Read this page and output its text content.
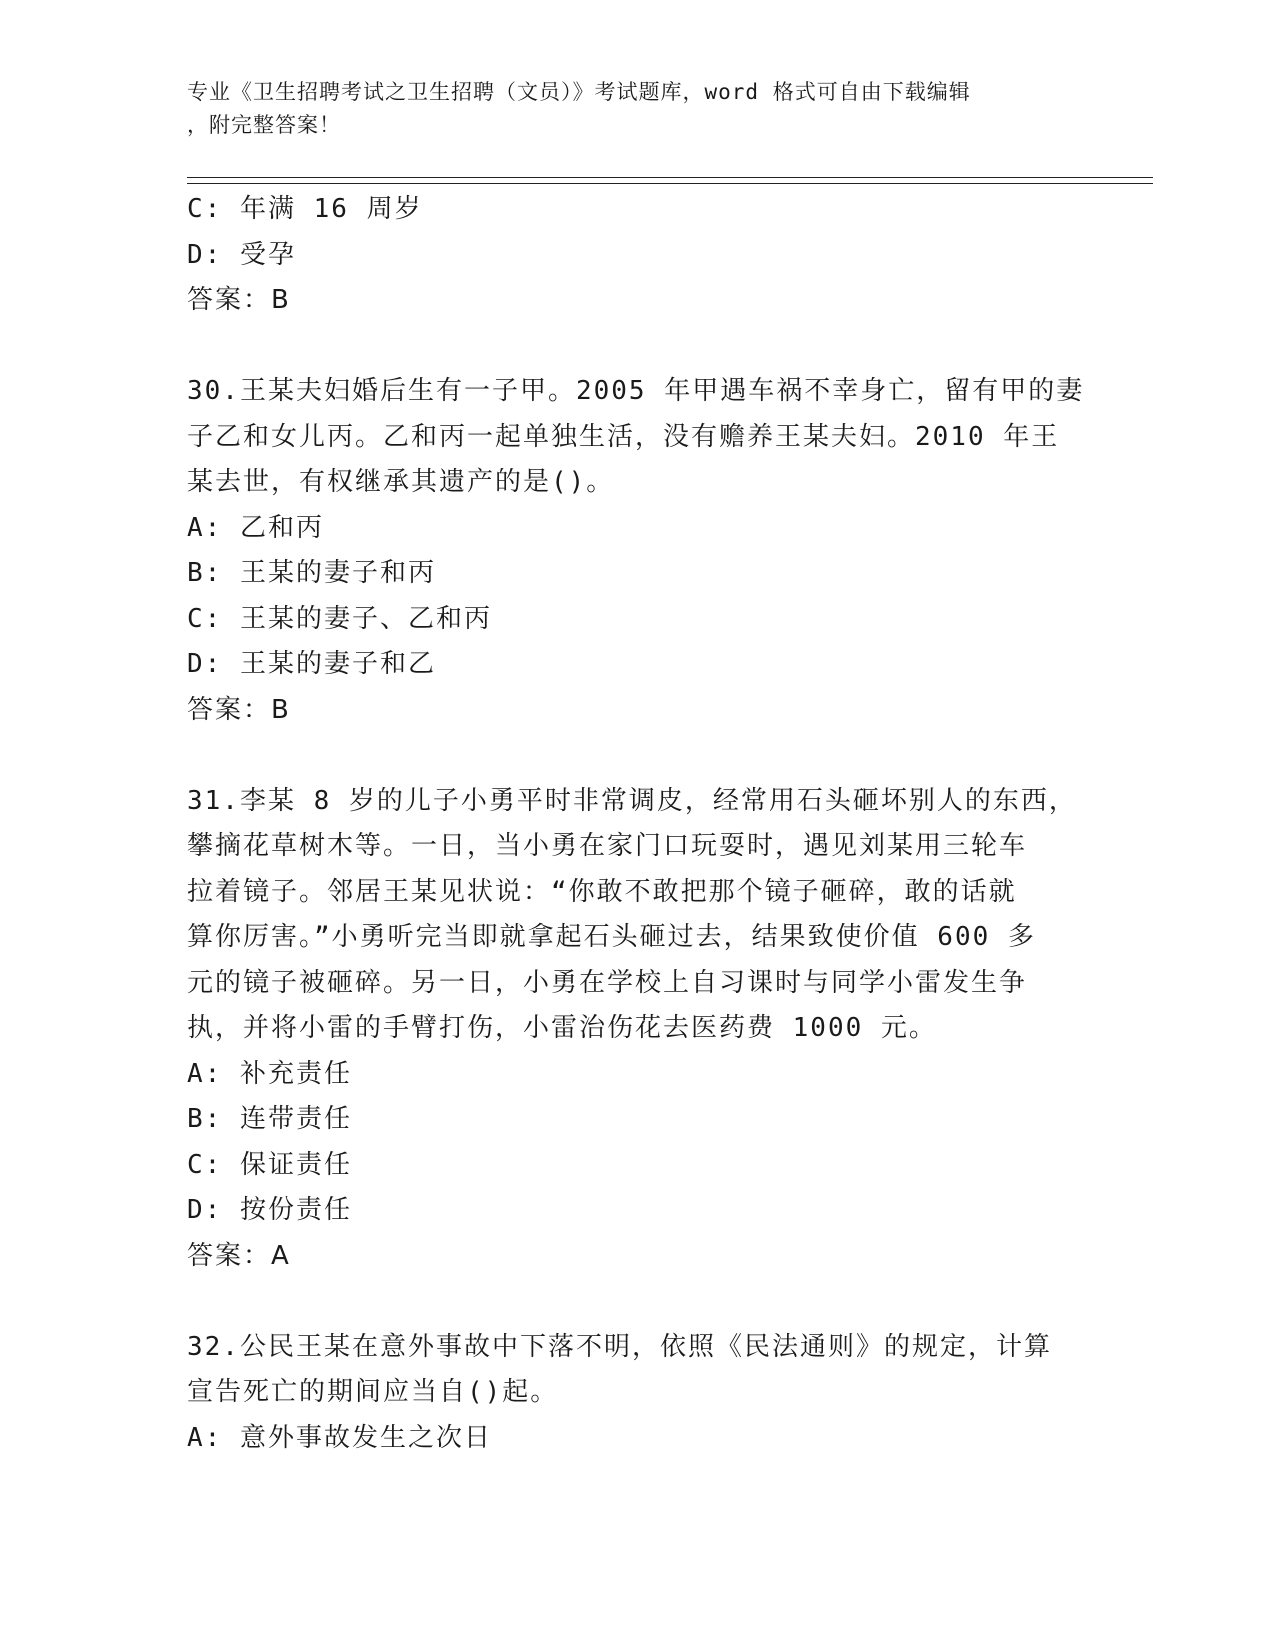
专业《卫生招聘考试之卫生招聘（文员）》考试题库，word 格式可自由下载编辑
，附完整答案！
C: 年满 16 周岁
D: 受孕
答案：B
30.王某夫妇婚后生有一子甲。2005 年甲遇车祸不幸身亡，留有甲的妻
子乙和女儿丙。乙和丙一起单独生活，没有赡养王某夫妇。2010 年王
某去世，有权继承其遗产的是()。
A: 乙和丙
B: 王某的妻子和丙
C: 王某的妻子、乙和丙
D: 王某的妻子和乙
答案：B
31.李某 8 岁的儿子小勇平时非常调皮，经常用石头砸坏别人的东西，
攀摘花草树木等。一日，当小勇在家门口玩耍时，遇见刘某用三轮车
拉着镜子。邻居王某见状说：“你敢不敢把那个镜子砸碎，敢的话就
算你厉害。”小勇听完当即就拿起石头砸过去，结果致使价值 600 多
元的镜子被砸碎。另一日，小勇在学校上自习课时与同学小雷发生争
执，并将小雷的手臂打伤，小雷治伤花去医药费 1000 元。
A: 补充责任
B: 连带责任
C: 保证责任
D: 按份责任
答案：A
32.公民王某在意外事故中下落不明，依照《民法通则》的规定，计算
宣告死亡的期间应当自()起。
A: 意外事故发生之次日
